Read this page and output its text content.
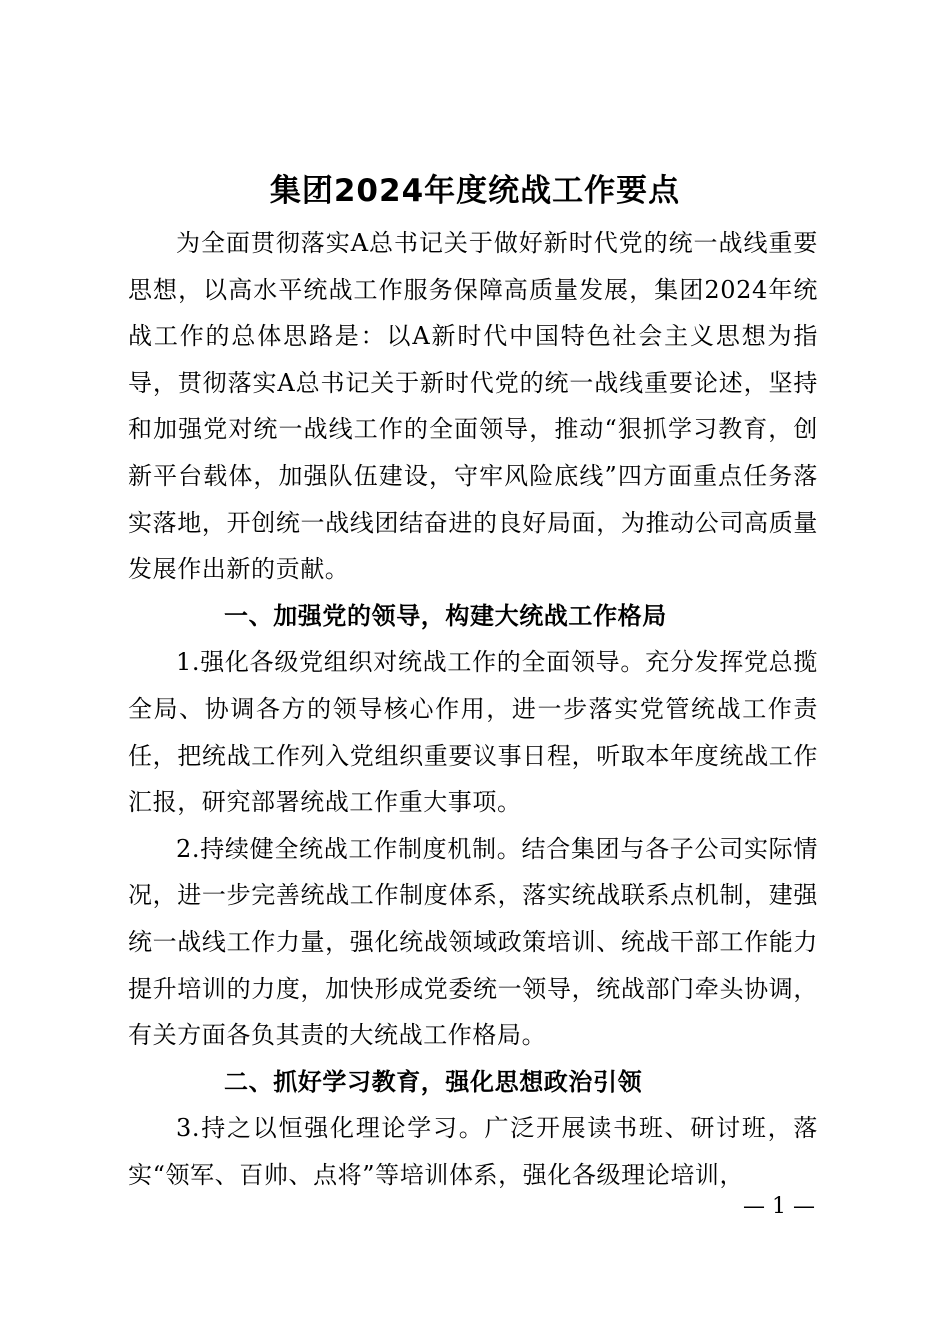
集团2024年度统战工作要点

为全面贯彻落实A总书记关于做好新时代党的统一战线重要思想，以高水平统战工作服务保障高质量发展，集团2024年统战工作的总体思路是：以A新时代中国特色社会主义思想为指导，贯彻落实A总书记关于新时代党的统一战线重要论述，坚持和加强党对统一战线工作的全面领导，推动“狠抓学习教育，创新平台载体，加强队伍建设，守牢风险底线”四方面重点任务落实落地，开创统一战线团结奋进的良好局面，为推动公司高质量发展作出新的贡献。

一、加强党的领导，构建大统战工作格局

1.强化各级党组织对统战工作的全面领导。充分发挥党总揽全局、协调各方的领导核心作用，进一步落实党管统战工作责任，把统战工作列入党组织重要议事日程，听取本年度统战工作汇报，研究部署统战工作重大事项。

2.持续健全统战工作制度机制。结合集团与各子公司实际情况，进一步完善统战工作制度体系，落实统战联系点机制，建强统一战线工作力量，强化统战领域政策培训、统战干部工作能力提升培训的力度，加快形成党委统一领导，统战部门牵头协调，有关方面各负其责的大统战工作格局。

二、抓好学习教育，强化思想政治引领

3.持之以恒强化理论学习。广泛开展读书班、研讨班，落实“领军、百帅、点将”等培训体系，强化各级理论培训，

— 1 —
